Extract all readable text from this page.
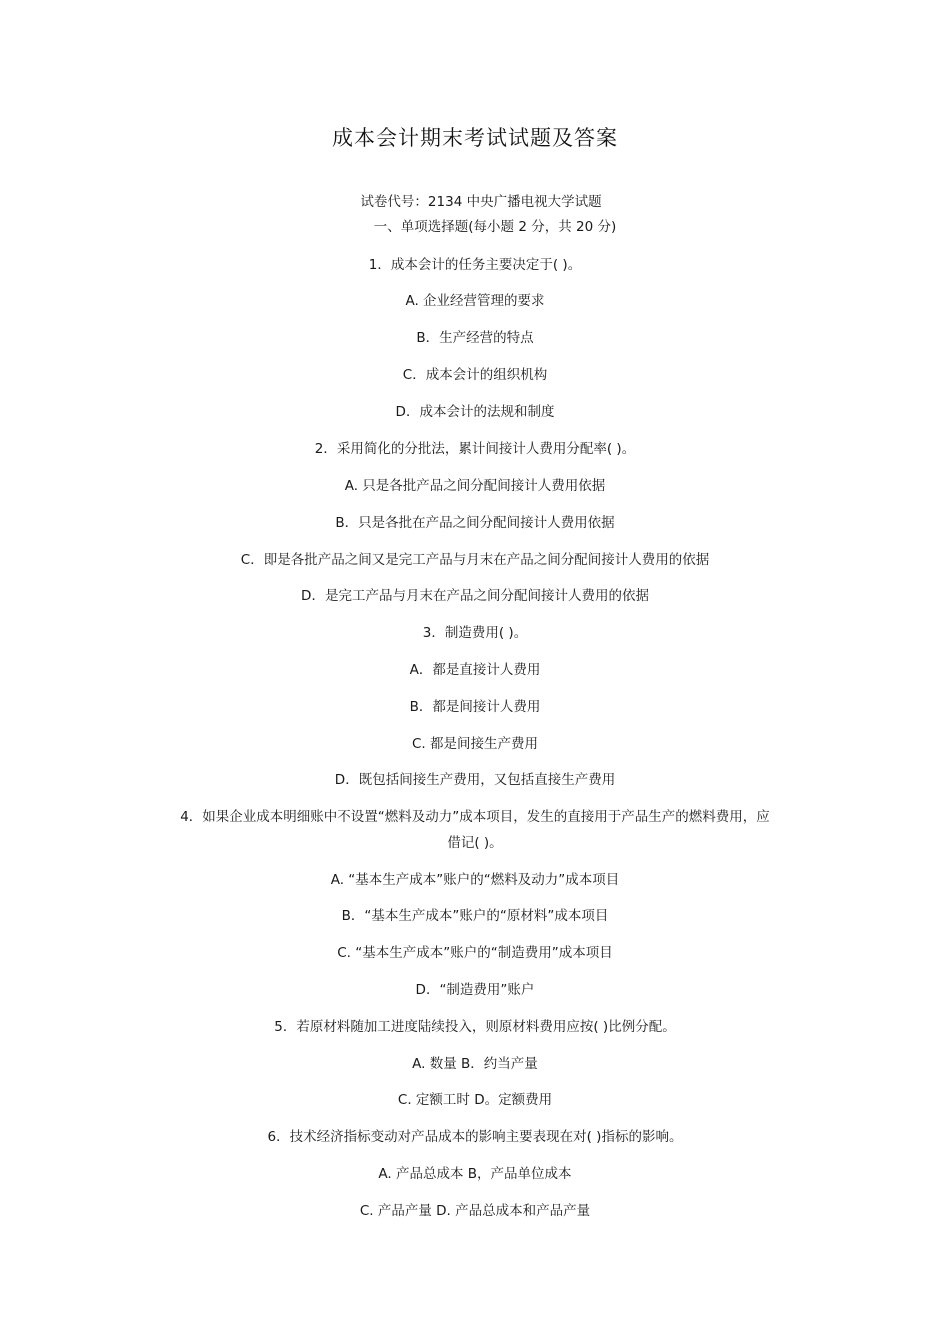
成本会计期末考试试题及答案
试卷代号：2134 中央广播电视大学试题
一、单项选择题(每小题 2 分，共 20 分)
1．成本会计的任务主要决定于( )。
A. 企业经营管理的要求
B．生产经营的特点
C．成本会计的组织机构
D．成本会计的法规和制度
2．采用简化的分批法，累计间接计人费用分配率( )。
A. 只是各批产品之间分配间接计人费用依据
B．只是各批在产品之间分配间接计人费用依据
C．即是各批产品之间又是完工产品与月末在产品之间分配间接计人费用的依据
D．是完工产品与月末在产品之间分配间接计人费用的依据
3．制造费用( )。
A．都是直接计人费用
B．都是间接计人费用
C. 都是间接生产费用
D．既包括间接生产费用，又包括直接生产费用
4．如果企业成本明细账中不设置“燃料及动力”成本项目，发生的直接用于产品生产的燃料费用，应
借记( )。
A. “基本生产成本”账户的“燃料及动力”成本项目
B．“基本生产成本”账户的“原材料”成本项目
C. “基本生产成本”账户的“制造费用”成本项目
D．“制造费用”账户
5．若原材料随加工进度陆续投入，则原材料费用应按( )比例分配。
A. 数量 B．约当产量
C. 定额工时 D。定额费用
6．技术经济指标变动对产品成本的影响主要表现在对( )指标的影响。
A. 产品总成本 B，产品单位成本
C. 产品产量 D. 产品总成本和产品产量
